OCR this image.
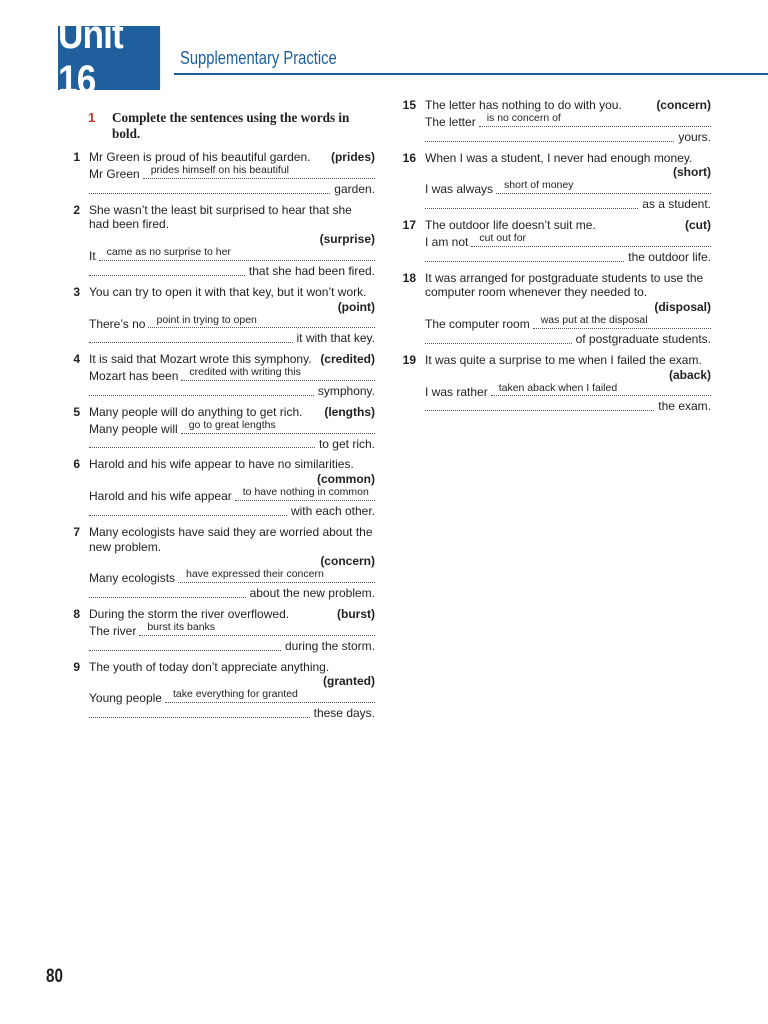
Unit 16	Supplementary Practice
1 Complete the sentences using the words in bold.
1 Mr Green is proud of his beautiful garden. (prides)
Mr Green prides himself on his beautiful
garden.
2 She wasn’t the least bit surprised to hear that she had been fired.
(surprise)
It came as no surprise to her
that she had been fired.
3 You can try to open it with that key, but it won’t work.
(point)
There’s no point in trying to open
it with that key.
4 It is said that Mozart wrote this symphony. (credited)
Mozart has been credited with writing this
symphony.
5 Many people will do anything to get rich. (lengths)
Many people will go to great lengths
to get rich.
6 Harold and his wife appear to have no similarities.
(common)
Harold and his wife appear to have nothing in common
with each other.
7 Many ecologists have said they are worried about the new problem.
(concern)
Many ecologists have expressed their concern
about the new problem.
8 During the storm the river overflowed.	(burst)
The river burst its banks
during the storm.
9 The youth of today don’t appreciate anything.
(granted)
Young people take everything for granted
these days.
15 The letter has nothing to do with you.	(concern)
The letter is no concern of
yours.
16 When I was a student, I never had enough money.
(short)
I was always short of money
as a student.
17 The outdoor life doesn’t suit me.	(cut)
I am not cut out for
the outdoor life.
18 It was arranged for postgraduate students to use the computer room whenever they needed to.
(disposal)
The computer room was put at the disposal
of postgraduate students.
19 It was quite a surprise to me when I failed the exam.
(aback)
I was rather taken aback when I failed
the exam.
80
